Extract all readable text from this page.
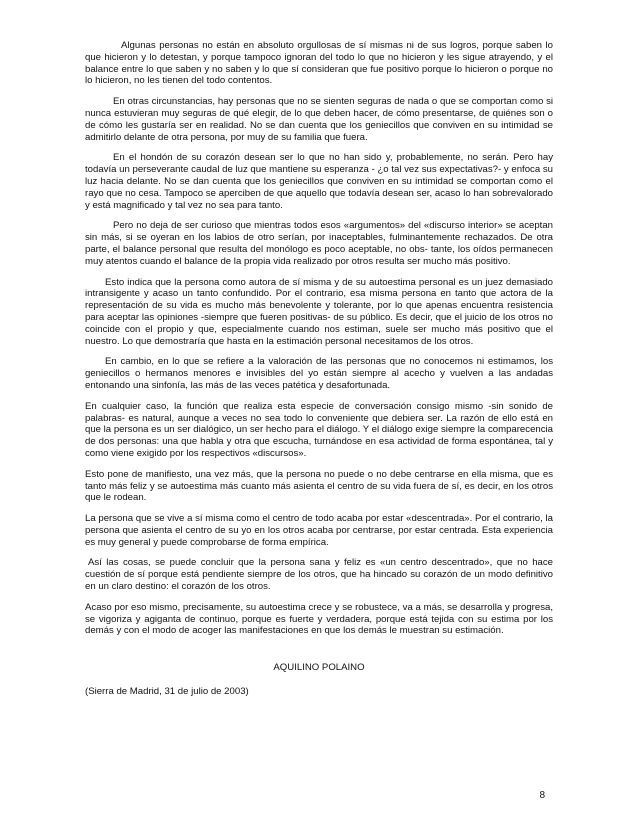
Algunas personas no están en absoluto orgullosas de sí mismas ni de sus logros, porque saben lo que hicieron y lo detestan, y porque tampoco ignoran del todo lo que no hicieron y les sigue atrayendo, y el balance entre lo que saben y no saben y lo que sí consideran que fue positivo porque lo hicieron o porque no lo hicieron, no les tienen del todo contentos.

En otras circunstancias, hay personas que no se sienten seguras de nada o que se comportan como si nunca estuvieran muy seguras de qué elegir, de lo que deben hacer, de cómo presentarse, de quiénes son o de cómo les gustaría ser en realidad. No se dan cuenta que los geniecillos que conviven en su intimidad se admitirlo delante de otra persona, por muy de su familia que fuera.

En el hondón de su corazón desean ser lo que no han sido y, probablemente, no serán. Pero hay todavía un perseverante caudal de luz que mantiene su esperanza - ¿o tal vez sus expectativas?- y enfoca su luz hacia delante. No se dan cuenta que los geniecillos que conviven en su intimidad se comportan como el rayo que no cesa. Tampoco se aperciben de que aquello que todavía desean ser, acaso lo han sobrevalorado y está magnificado y tal vez no sea para tanto.

Pero no deja de ser curioso que mientras todos esos «argumentos» del «discurso interior» se aceptan sin más, si se oyeran en los labios de otro serían, por inaceptables, fulminantemente rechazados. De otra parte, el balance personal que resulta del monólogo es poco aceptable, no obs- tante, los oídos permanecen muy atentos cuando el balance de la propia vida realizado por otros resulta ser mucho más positivo.

Esto indica que la persona como autora de sí misma y de su autoestima personal es un juez demasiado intransigente y acaso un tanto confundido. Por el contrario, esa misma persona en tanto que actora de la representación de su vida es mucho más benevolente y tolerante, por lo que apenas encuentra resistencia para aceptar las opiniones -siempre que fueren positivas- de su público. Es decir, que el juicio de los otros no coincide con el propio y que, especialmente cuando nos estiman, suele ser mucho más positivo que el nuestro. Lo que demostraría que hasta en la estimación personal necesitamos de los otros.

En cambio, en lo que se refiere a la valoración de las personas que no conocemos ni estimamos, los geniecillos o hermanos menores e invisibles del yo están siempre al acecho y vuelven a las andadas entonando una sinfonía, las más de las veces patética y desafortunada.

En cualquier caso, la función que realiza esta especie de conversación consigo mismo -sin sonido de palabras- es natural, aunque a veces no sea todo lo conveniente que debiera ser. La razón de ello está en que la persona es un ser dialógico, un ser hecho para el diálogo. Y el diálogo exige siempre la comparecencia de dos personas: una que habla y otra que escucha, turnándose en esa actividad de forma espontánea, tal y como viene exigido por los respectivos «discursos».

Esto pone de manifiesto, una vez más, que la persona no puede o no debe centrarse en ella misma, que es tanto más feliz y se autoestima más cuanto más asienta el centro de su vida fuera de sí, es decir, en los otros que le rodean.

La persona que se vive a sí misma como el centro de todo acaba por estar «descentrada». Por el contrario, la persona que asienta el centro de su yo en los otros acaba por centrarse, por estar centrada. Esta experiencia es muy general y puede comprobarse de forma empírica.

Así las cosas, se puede concluir que la persona sana y feliz es «un centro descentrado», que no hace cuestión de sí porque está pendiente siempre de los otros, que ha hincado su corazón de un modo definitivo en un claro destino: el corazón de los otros.

Acaso por eso mismo, precisamente, su autoestima crece y se robustece, va a más, se desarrolla y progresa, se vigoriza y agiganta de continuo, porque es fuerte y verdadera, porque está tejida con su estima por los demás y con el modo de acoger las manifestaciones en que los demás le muestran su estimación.

AQUILINO POLAINO

(Sierra de Madrid, 31 de julio de 2003)

8
